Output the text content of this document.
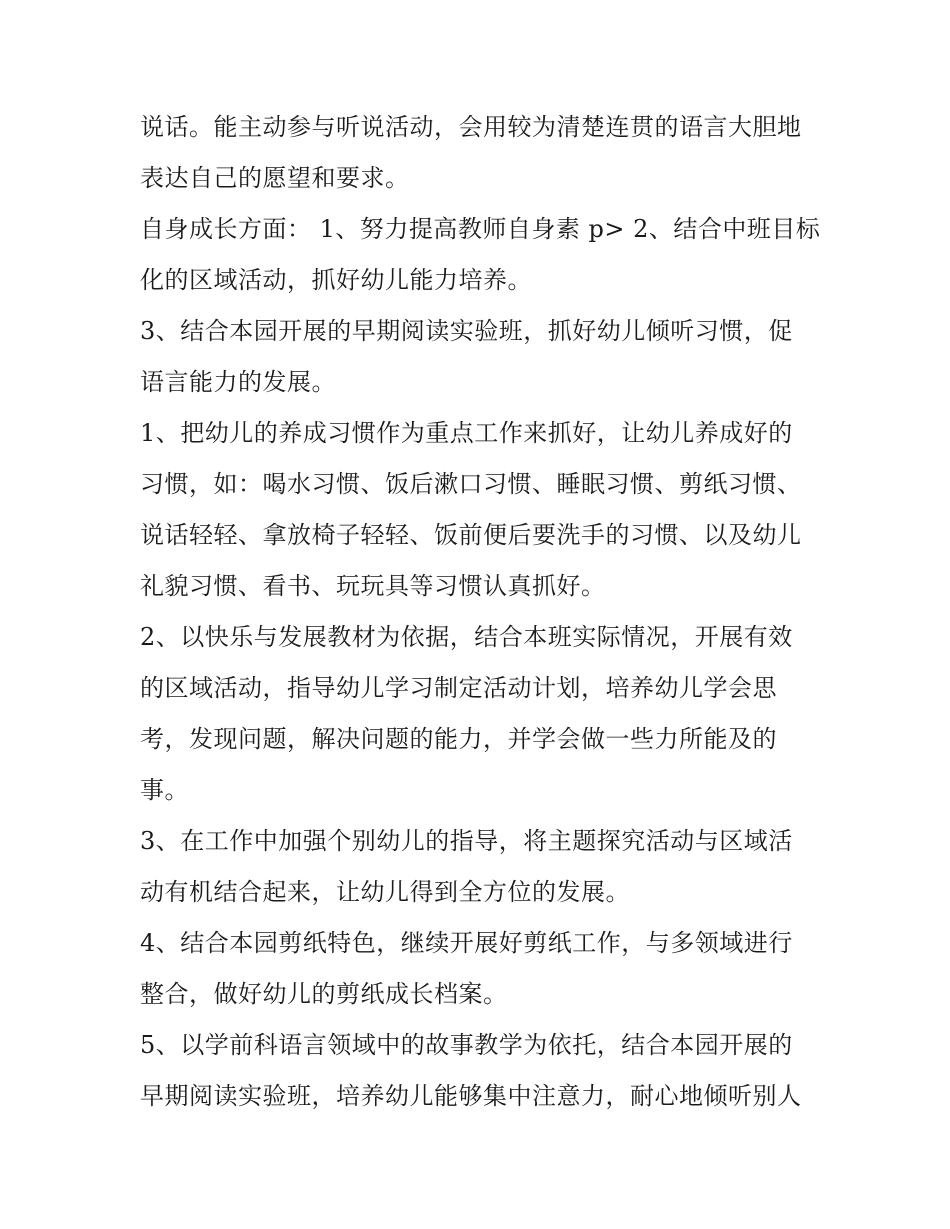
说话。能主动参与听说活动，会用较为清楚连贯的语言大胆地
表达自己的愿望和要求。
自身成长方面： 1、努力提高教师自身素 p> 2、结合中班目标
化的区域活动，抓好幼儿能力培养。
3、结合本园开展的早期阅读实验班，抓好幼儿倾听习惯，促
语言能力的发展。
1、把幼儿的养成习惯作为重点工作来抓好，让幼儿养成好的
习惯，如：喝水习惯、饭后漱口习惯、睡眠习惯、剪纸习惯、
说话轻轻、拿放椅子轻轻、饭前便后要洗手的习惯、以及幼儿
礼貌习惯、看书、玩玩具等习惯认真抓好。
2、以快乐与发展教材为依据，结合本班实际情况，开展有效
的区域活动，指导幼儿学习制定活动计划，培养幼儿学会思
考，发现问题，解决问题的能力，并学会做一些力所能及的
事。
3、在工作中加强个别幼儿的指导，将主题探究活动与区域活
动有机结合起来，让幼儿得到全方位的发展。
4、结合本园剪纸特色，继续开展好剪纸工作，与多领域进行
整合，做好幼儿的剪纸成长档案。
5、以学前科语言领域中的故事教学为依托，结合本园开展的
早期阅读实验班，培养幼儿能够集中注意力，耐心地倾听别人
